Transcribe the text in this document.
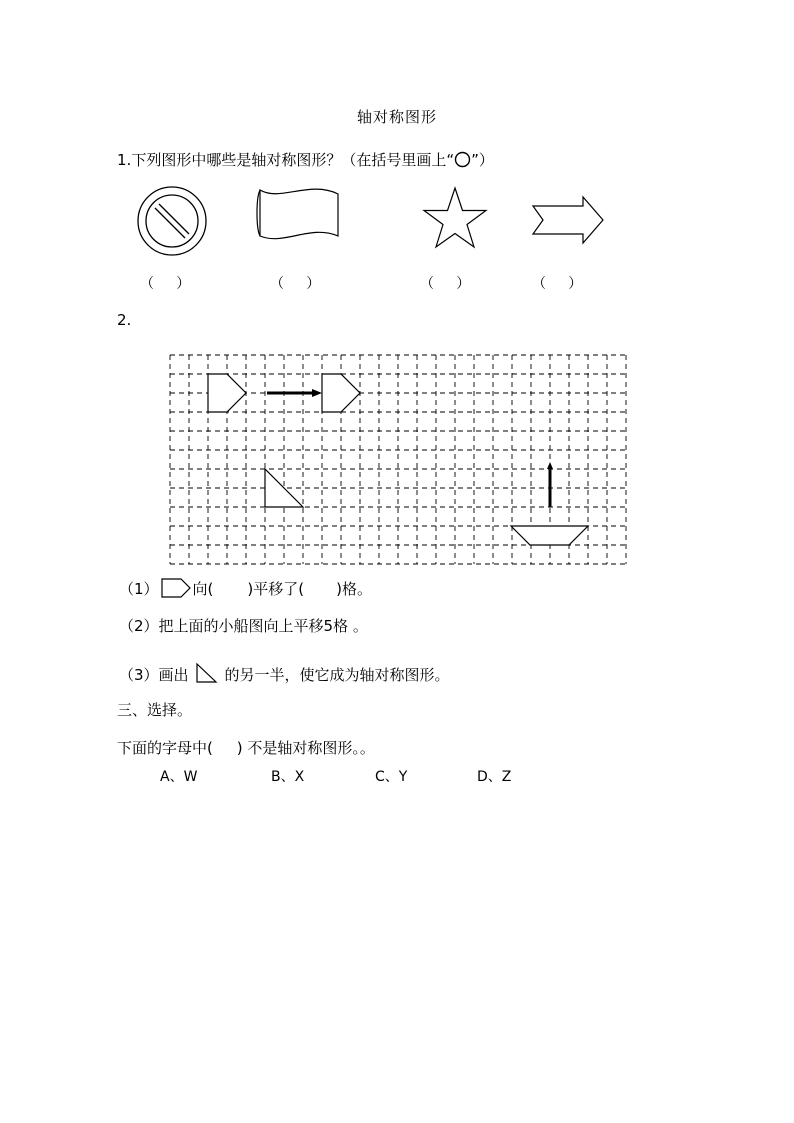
轴对称图形
1.下列图形中哪些是轴对称图形？（在括号里画上“ ”）
（     ）	（     ）	（     ）	（     ）
2.
（1） 向( )平移了( )格。
（2）把上面的小船图向上平移5格 。
（3）画出 的另一半，使它成为轴对称图形。
三、选择。
下面的字母中(     ) 不是轴对称图形。。
A、W	B、X	C、Y	D、Z
